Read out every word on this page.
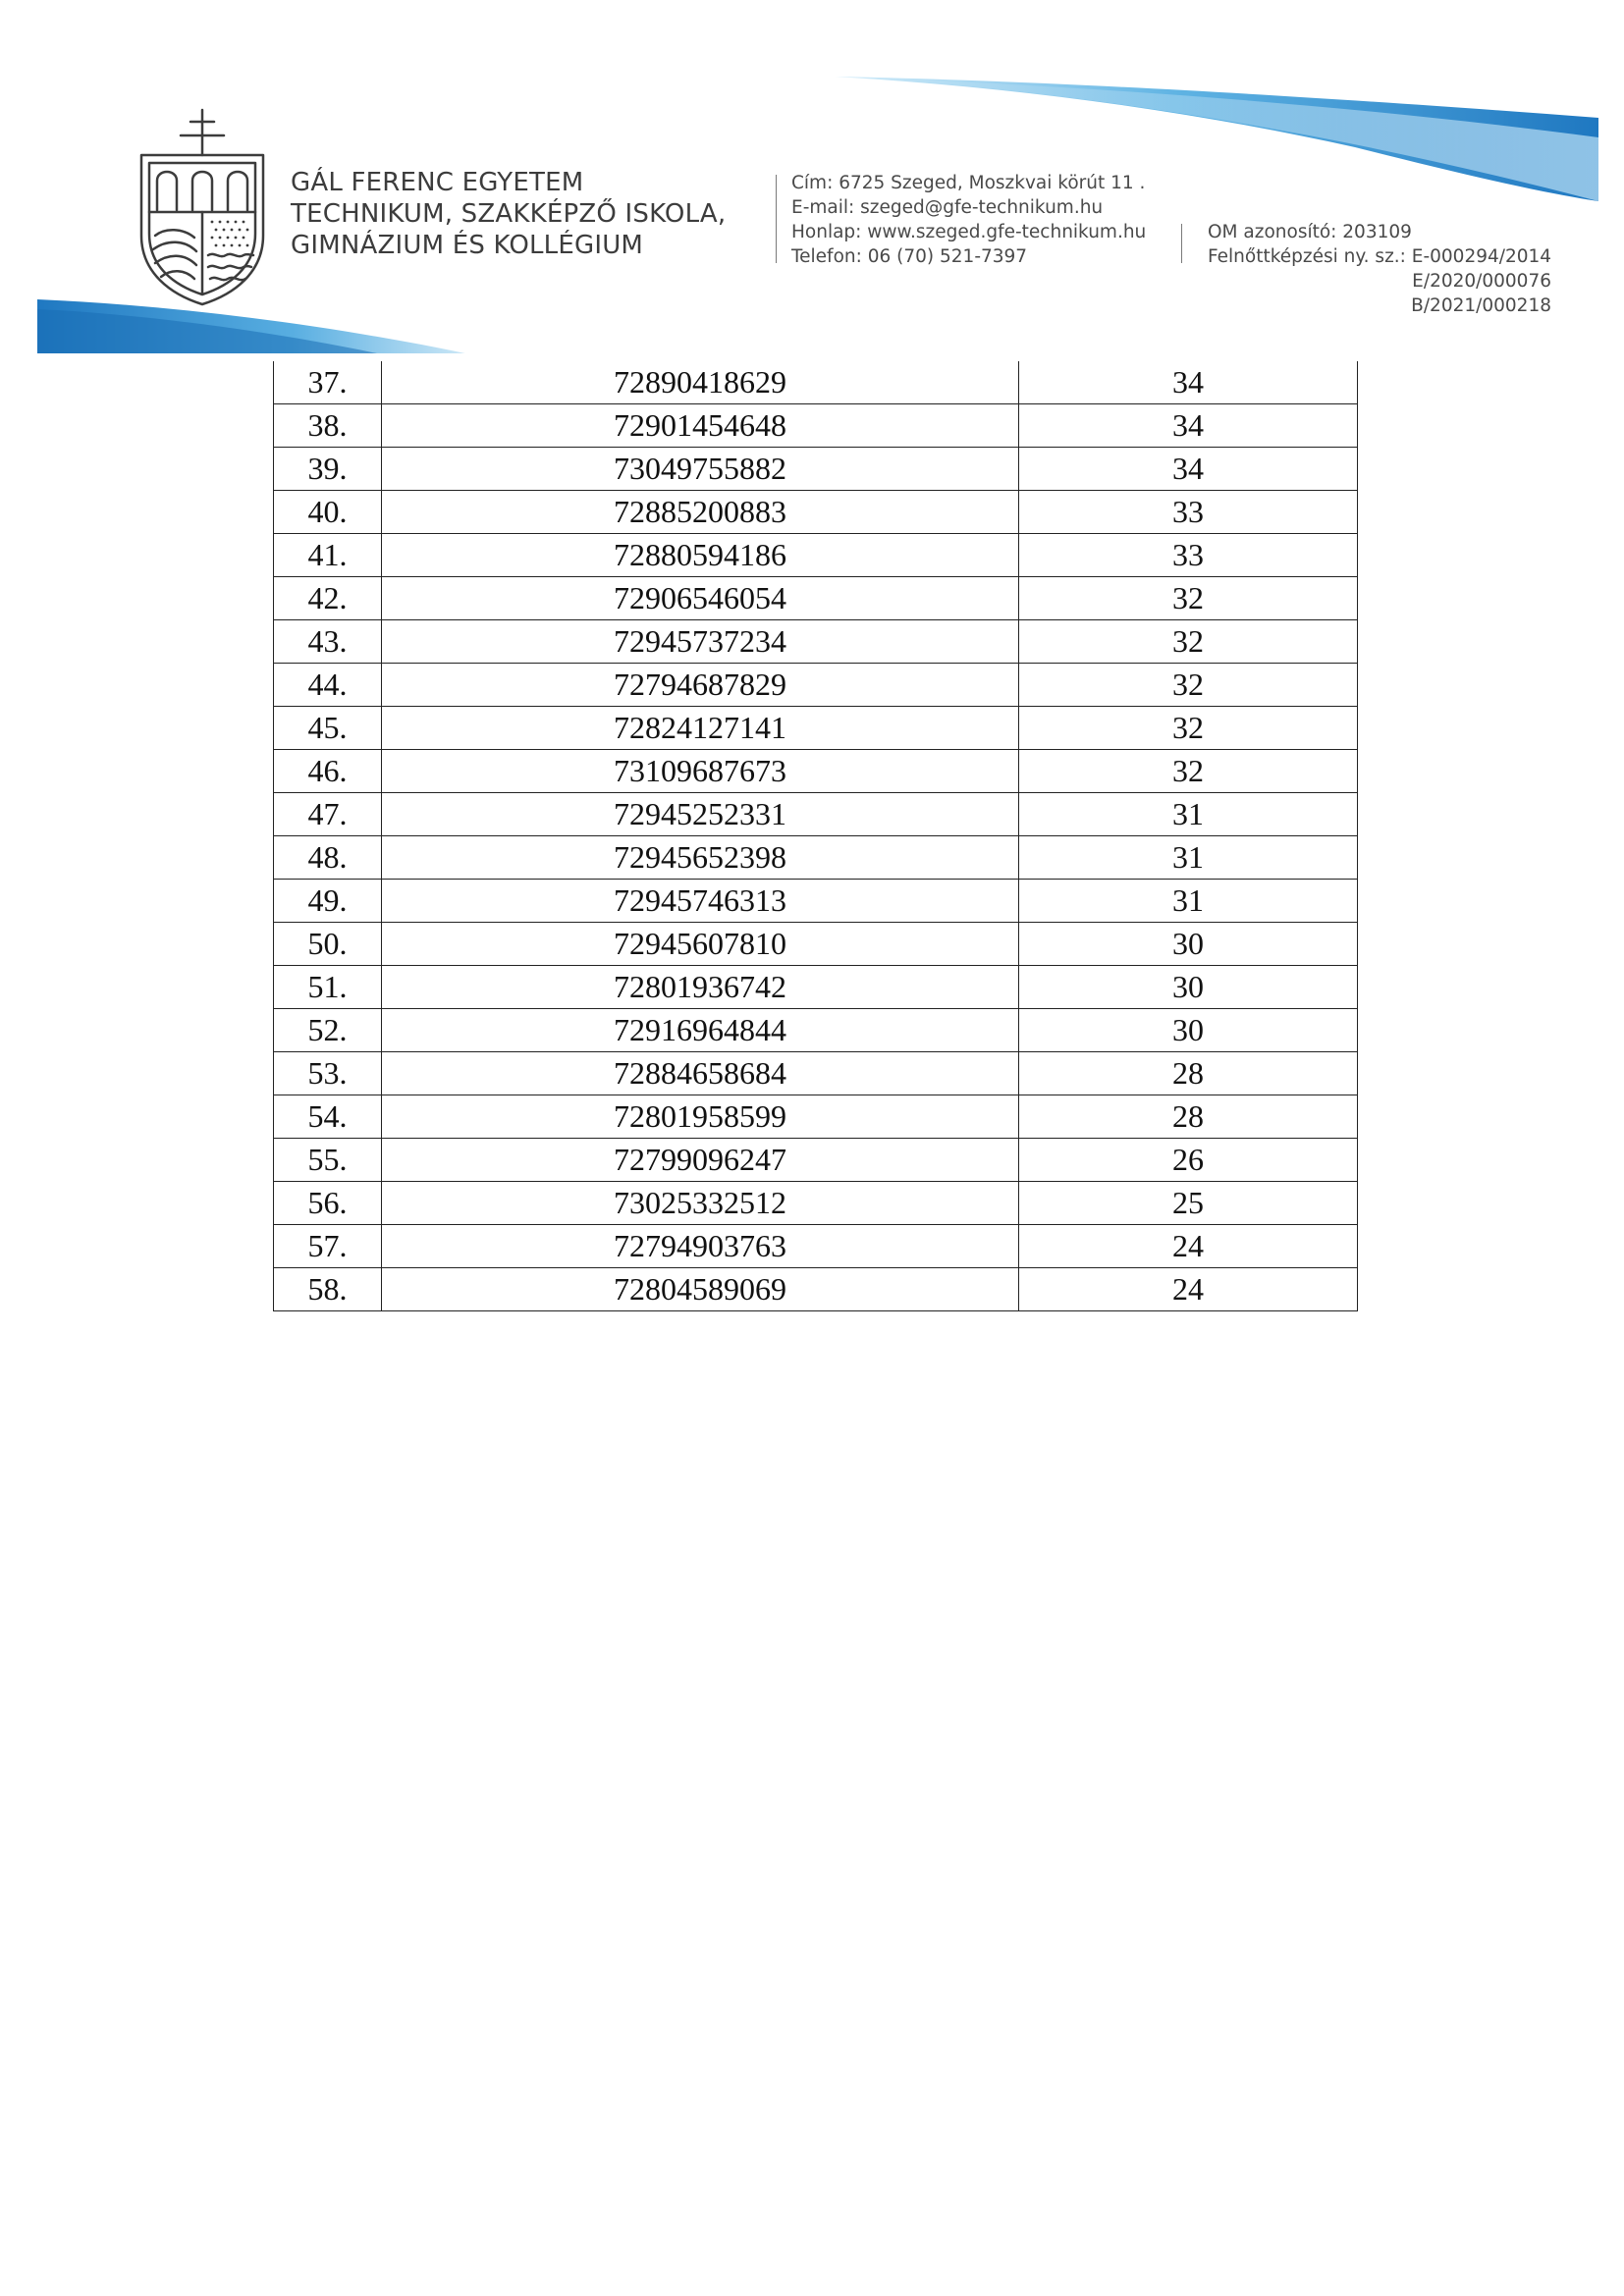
GÁL FERENC EGYETEM
TECHNIKUM, SZAKKÉPZŐ ISKOLA,
GIMNÁZIUM ÉS KOLLÉGIUM
Cím: 6725 Szeged, Moszkvai körút 11 .
E-mail: szeged@gfe-technikum.hu
Honlap: www.szeged.gfe-technikum.hu
Telefon: 06 (70) 521-7397
OM azonosító: 203109
Felnőttképzési ny. sz.: E-000294/2014
E/2020/000076
B/2021/000218
37.	72890418629	34
38.	72901454648	34
39.	73049755882	34
40.	72885200883	33
41.	72880594186	33
42.	72906546054	32
43.	72945737234	32
44.	72794687829	32
45.	72824127141	32
46.	73109687673	32
47.	72945252331	31
48.	72945652398	31
49.	72945746313	31
50.	72945607810	30
51.	72801936742	30
52.	72916964844	30
53.	72884658684	28
54.	72801958599	28
55.	72799096247	26
56.	73025332512	25
57.	72794903763	24
58.	72804589069	24
